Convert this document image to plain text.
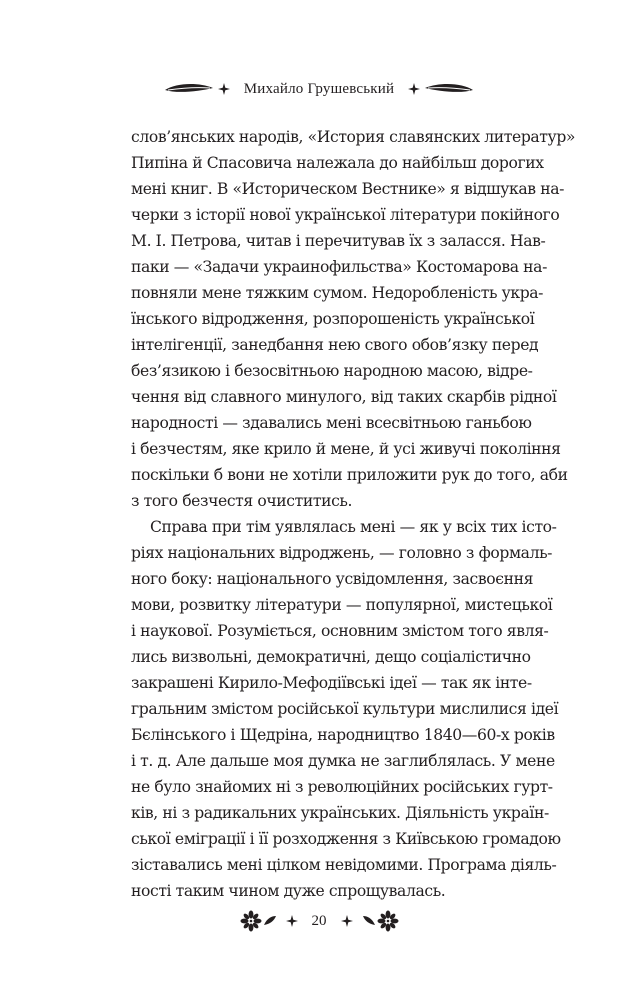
Михайло Грушевський
слов’янських народів, «История славянских литератур»
Пипіна й Спасовича належала до найбільш дорогих
мені книг. В «Историческом Вестнике» я відшукав на-
черки з історії нової української літератури покійного
М. І. Петрова, читав і перечитував їх з заласся. Нав-
паки — «Задачи украинофильства» Костомарова на-
повняли мене тяжким сумом. Недоробленість укра-
їнського відродження, розпорошеність української
інтелігенції, занедбання нею свого обов’язку перед
без’язикою і безосвітньою народною масою, відре-
чення від славного минулого, від таких скарбів рідної
народності — здавались мені всесвітньою ганьбою
і безчестям, яке крило й мене, й усі живучі покоління
поскільки б вони не хотіли приложити рук до того, аби
з того безчестя очиститись.
Справа при тім уявлялась мені — як у всіх тих істо-
ріях національних відроджень, — головно з формаль-
ного боку: національного усвідомлення, засвоєння
мови, розвитку літератури — популярної, мистецької
і наукової. Розуміється, основним змістом того явля-
лись визвольні, демократичні, дещо соціалістично
закрашені Кирило-Мефодіївські ідеї — так як інте-
гральним змістом російської культури мислилися ідеї
Бєлінського і Щедріна, народництво 1840—60-х років
і т. д. Але дальше моя думка не заглиблялась. У мене
не було знайомих ні з революційних російських гурт-
ків, ні з радикальних українських. Діяльність україн-
ської еміграції і її розходження з Київською громадою
зіставались мені цілком невідомими. Програма діяль-
ності таким чином дуже спрощувалась.
20
